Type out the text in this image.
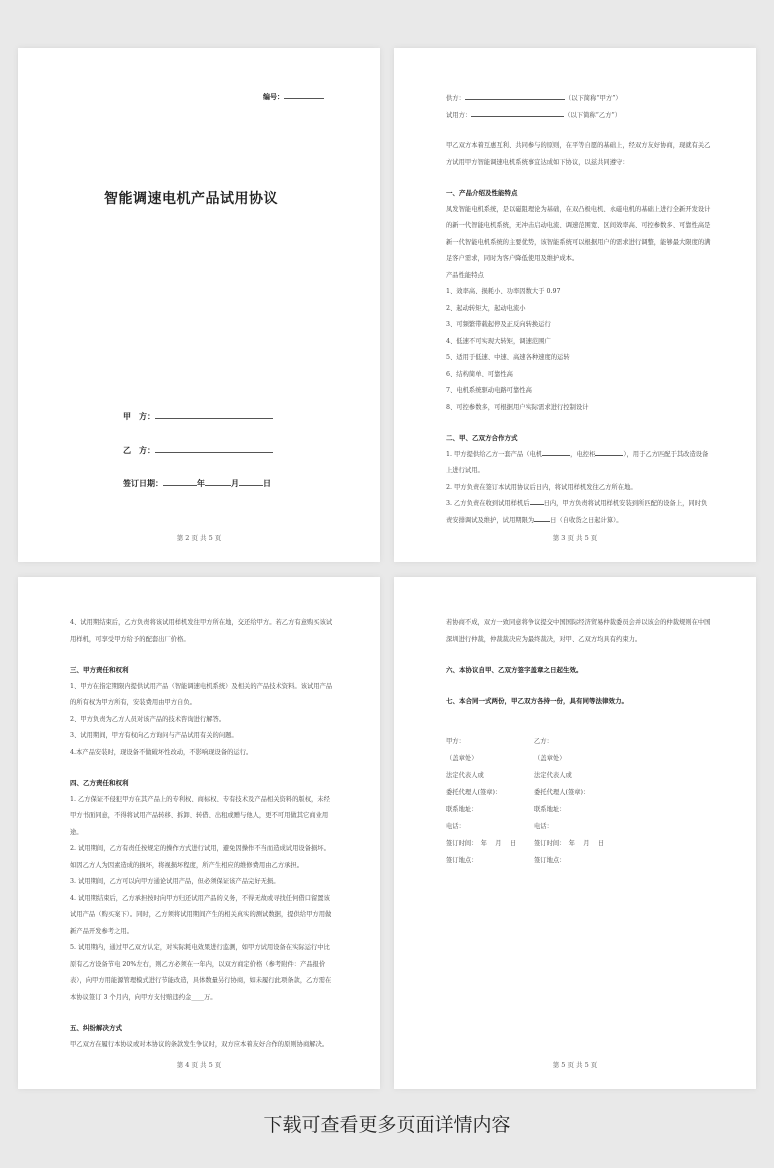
编号：
智能调速电机产品试用协议
甲　方：
乙　方：
签订日期：	年	月	日
第 2 页 共 5 页

供方：	（以下简称“甲方”）

试用方：	（以下简称“乙方”）

甲乙双方本着互惠互利、共同参与的原则，在平等自愿的基础上，经双方友好协商，现就有关乙方试用甲方智能调速电机系统事宜达成如下协议，以兹共同遵守：

一、产品介绍及性能特点

凤发智能电机系统，是以磁阻理论为基础，在双凸极电机、永磁电机的基础上进行全新开发设计的新一代智能电机系统，无冲击启动电流、调速范围宽、区间效率高、可控参数多、可靠性高是新一代智能电机系统的主要优势，该智能系统可以根据用户的需求进行调整，能够最大限度的满足客户需求，同时为客户降低使用及维护成本。

产品性能特点

1、效率高、损耗小、功率因数大于 0.97

2、起动转矩大，起动电流小

3、可频繁带载起停及正反向转换运行

4、低速不可实现大转矩，调速范围广

5、适用于低速、中速、高速各种速度的运转

6、结构简单、可靠性高

7、电机系统驱动电路可靠性高

8、可控参数多，可根据用户实际需求进行控制设计

二、甲、乙双方合作方式

1. 甲方提供给乙方一套产品（电机	，电控柜	），用于乙方匹配于其改造设备上进行试用。

2. 甲方负责在签订本试用协议后日内，将试用样机发往乙方所在地。

3. 乙方负责在收到试用样机后 日内，甲方负责将试用样机安装到所匹配的设备上，同时负责安排调试及维护，试用期限为	日（自收货之日起计算）。

第 3 页 共 5 页

4、试用期结束后，乙方负责将该试用样机发往甲方所在地，交还给甲方。若乙方有意购买该试用样机，可享受甲方给予的配套出厂价格。

三、甲方责任和权利

1、甲方在指定期限内提供试用产品（智能调速电机系统）及相关的产品技术资料。该试用产品的所有权为甲方所有，安装费用由甲方自负。

2、甲方负责为乙方人员对该产品的技术咨询进行解答。

3、试用期间，甲方有权向乙方询问与产品试用有关的问题。

4.本产品安装时，现设备不做破坏性改动，不影响现设备的运行。

四、乙方责任和权利

1. 乙方保证不侵犯甲方在其产品上的专利权、商标权、专有技术及产品相关资料的版权，未经甲方书面同意，不得将试用产品转移、拆卸、转借、出租或赠与他人，更不可用做其它商业用途。

2. 试用期间，乙方有责任按规定的操作方式进行试用，避免因操作不当而造成试用设备损坏。如因乙方人为因素造成的损坏，将视损坏程度，所产生相应的维修费用由乙方承担。

3. 试用期间，乙方可以向甲方通论试用产品，但必须保证该产品完好无损。

4. 试用期结束后，乙方承担按时向甲方归还试用产品的义务，不得无故或寻找任何借口留置该试用产品（购买案下）。同时，乙方须将试用期间产生的相关真实的测试数据，提供给甲方用做新产品开发参考之用。

5. 试用期内，通过甲乙双方认定，对实际耗电效果进行监测，如甲方试用设备在实际运行中比原有乙方设备节电 20%左右，则乙方必须在一年内，以双方商定价格（参考附件：产品报价表），向甲方用能源管理模式进行节能改造，具体数量另行协商，如未履行此项条款，乙方需在本协议签订 3 个月内，向甲方支付赔违约金____万。

五、纠纷解决方式

甲乙双方在履行本协议或对本协议的条款发生争议时，双方应本着友好合作的原则协商解决。

第 4 页 共 5 页

若协商不成，双方一致同意将争议提交中国国际经济贸易仲裁委员会并以该会的仲裁规则在中国深圳进行仲裁，仲裁裁决应为最终裁决，对甲、乙双方均具有约束力。

六、本协议自甲、乙双方签字盖章之日起生效。

七、本合同一式两份，甲乙双方各持一份，具有同等法律效力。

甲方：	乙方：
（盖章处）	（盖章处）
法定代表人或	法定代表人或
委托代理人(签章)：	委托代理人(签章)：
联系地址：	联系地址：
电话：	电话：
签订时间：　年　 月　 日	签订时间：　年　 月　 日
签订地点：	签订地点：
第 5 页 共 5 页
下载可查看更多页面详情内容
